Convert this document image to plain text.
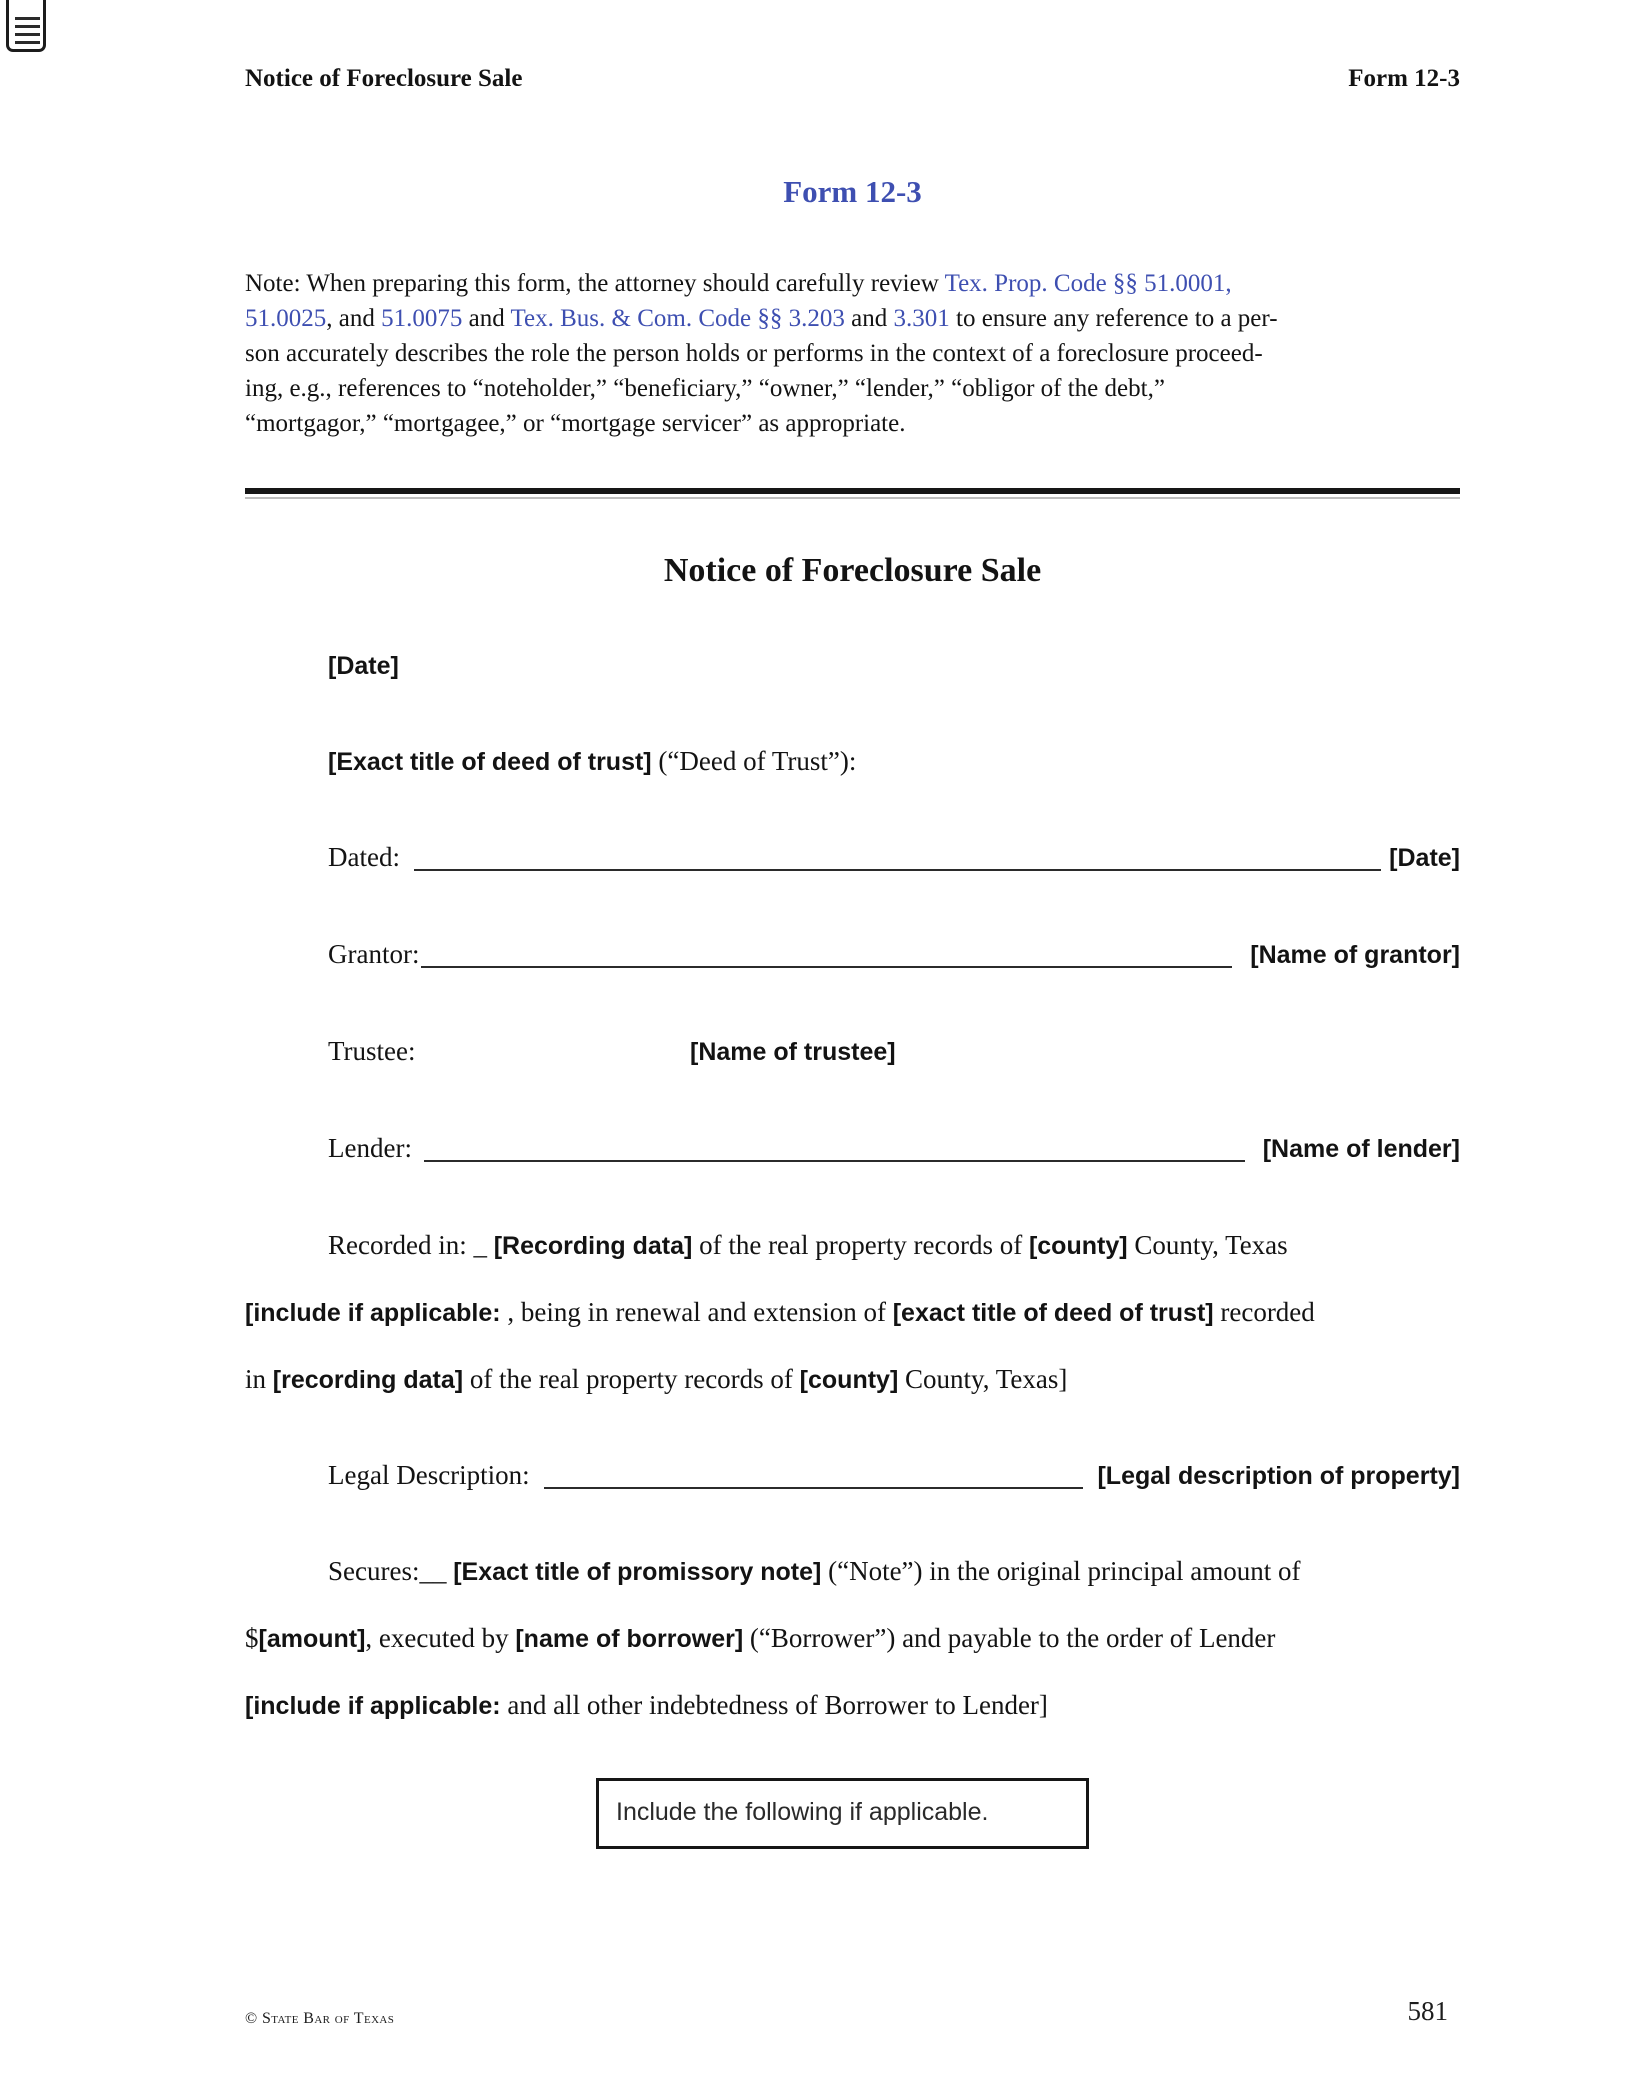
Notice of Foreclosure Sale	Form 12-3
Form 12-3
Note: When preparing this form, the attorney should carefully review Tex. Prop. Code §§ 51.0001,
51.0025, and 51.0075 and Tex. Bus. & Com. Code §§ 3.203 and 3.301 to ensure any reference to a per-
son accurately describes the role the person holds or performs in the context of a foreclosure proceed-
ing, e.g., references to “noteholder,” “beneficiary,” “owner,” “lender,” “obligor of the debt,”
“mortgagor,” “mortgagee,” or “mortgage servicer” as appropriate.
Notice of Foreclosure Sale
[Date]
[Exact title of deed of trust] (“Deed of Trust”):
Dated:	[Date]
Grantor:	[Name of grantor]
Trustee:	[Name of trustee]
Lender:	[Name of lender]
Recorded in: _ [Recording data] of the real property records of [county] County, Texas
[include if applicable: , being in renewal and extension of [exact title of deed of trust] recorded
in [recording data] of the real property records of [county] County, Texas]
Legal Description:	[Legal description of property]
Secures:__ [Exact title of promissory note] (“Note”) in the original principal amount of
$[amount], executed by [name of borrower] (“Borrower”) and payable to the order of Lender
[include if applicable: and all other indebtedness of Borrower to Lender]
Include the following if applicable.
© State Bar of Texas	581
